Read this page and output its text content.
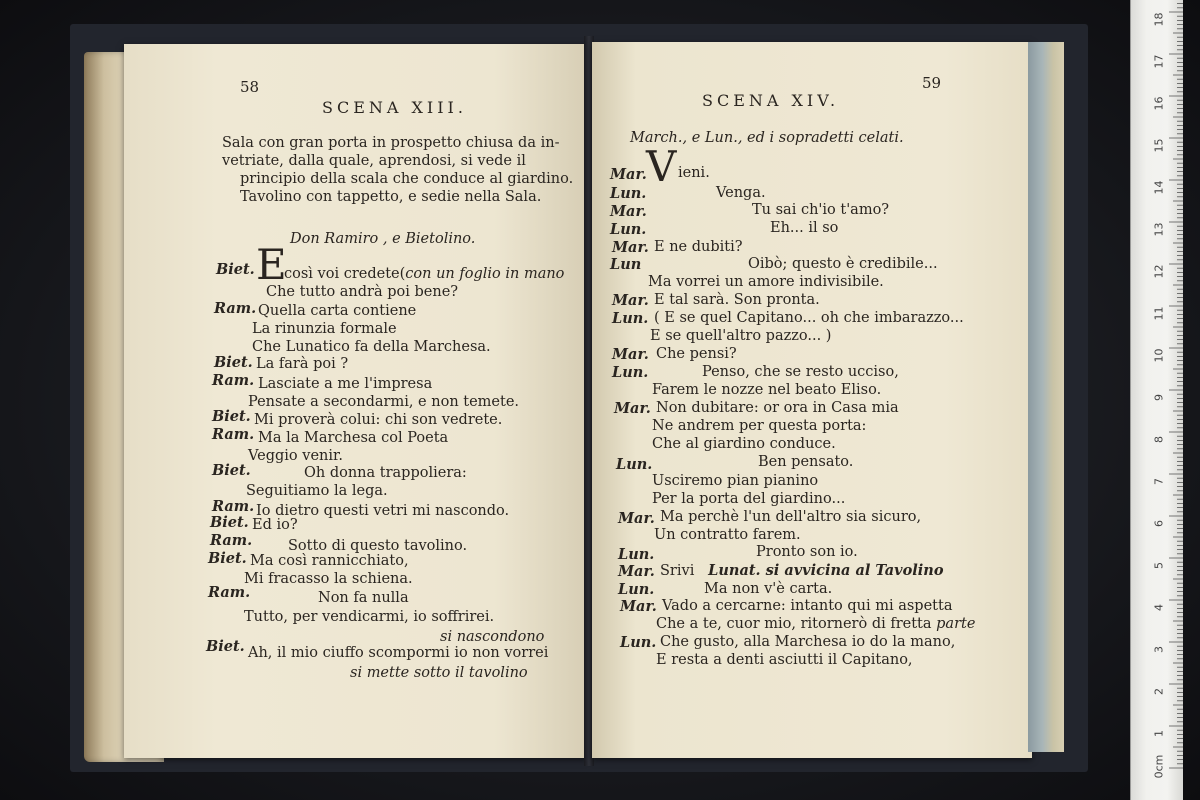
58
SCENA XIII.
Sala con gran porta in prospetto chiusa da in-
vetriate, dalla quale, aprendosi, si vede il
principio della scala che conduce al giardino.
Tavolino con tappetto, e sedie nella Sala.
Don Ramiro , e Bietolino.
Biet. E
così voi credete(con un foglio in mano
Che tutto andrà poi bene?
Ram. Quella carta contiene
La rinunzia formale
Che Lunatico fa della Marchesa.
Biet. La farà poi ?
Ram. Lasciate a me l'impresa
Pensate a secondarmi, e non temete.
Biet. Mi proverà colui: chi son vedrete.
Ram. Ma la Marchesa col Poeta
Veggio venir.
Biet.	Oh donna trappoliera:
Seguitiamo la lega.
Ram. Io dietro questi vetri mi nascondo.
Biet. Ed io?
Ram. Sotto di questo tavolino.
Biet. Ma così rannicchiato,
Mi fracasso la schiena.
Ram.	Non fa nulla
Tutto, per vendicarmi, io soffrirei.
si nascondono
Biet. Ah, il mio ciuffo scompormi io non vorrei
si mette sotto il tavolino
59
SCENA XIV.
March., e Lun., ed i sopradetti celati.
Mar. V ieni.
Lun.	Venga.
Mar.	Tu sai ch'io t'amo?
Lun.	Eh... il so
Mar. E ne dubiti?
Lun	Oibò; questo è credibile...
Ma vorrei un amore indivisibile.
Mar. E tal sarà. Son pronta.
Lun. ( E se quel Capitano... oh che imbarazzo...
E se quell'altro pazzo... )
Mar. Che pensi?
Lun.	Penso, che se resto ucciso,
Farem le nozze nel beato Eliso.
Mar. Non dubitare: or ora in Casa mia
Ne andrem per questa porta:
Che al giardino conduce.
Lun.	Ben pensato.
Usciremo pian pianino
Per la porta del giardino...
Mar. Ma perchè l'un dell'altro sia sicuro,
Un contratto farem.
Lun.	Pronto son io.
Mar. Srivi Lunat. si avvicina al Tavolino
Lun.	Ma non v'è carta.
Mar. Vado a cercarne: intanto qui mi aspetta
Che a te, cuor mio, ritornerò di fretta parte
Lun. Che gusto, alla Marchesa io do la mano,
E resta a denti asciutti il Capitano,
0cm
1
2
3
4
5
6
7
8
9
10
11
12
13
14
15
16
17
18
